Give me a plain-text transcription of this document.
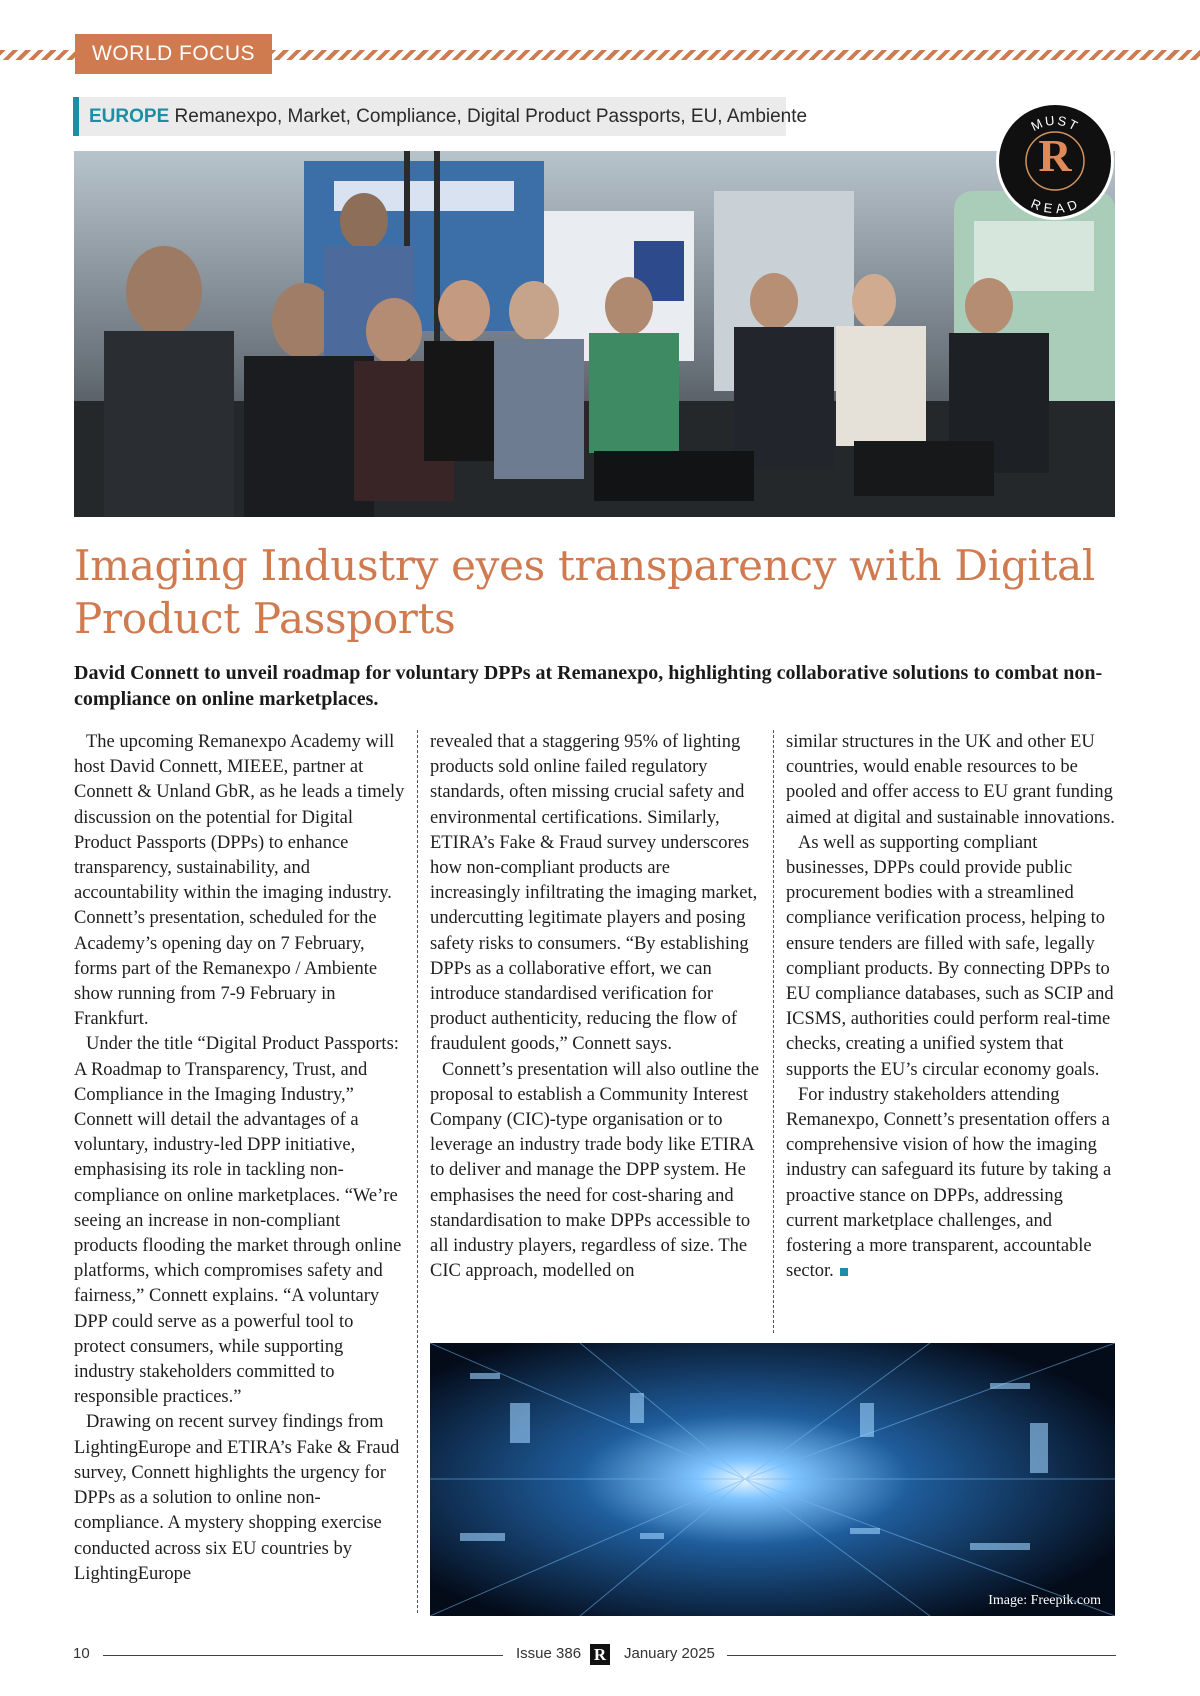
WORLD FOCUS
EUROPE Remanexpo, Market, Compliance, Digital Product Passports, EU, Ambiente	MUST
READ
R
Imaging Industry eyes transparency with Digital Product Passports

David Connett to unveil roadmap for voluntary DPPs at Remanexpo, highlighting collaborative solutions to combat non-compliance on online marketplaces.

The upcoming Remanexpo Academy will host David Connett, MIEEE, partner at Connett & Unland GbR, as he leads a timely discussion on the potential for Digital Product Passports (DPPs) to enhance transparency, sustainability, and accountability within the imaging industry. Connett’s presentation, scheduled for the Academy’s opening day on 7 February, forms part of the Remanexpo / Ambiente show running from 7-9 February in Frankfurt.

Under the title “Digital Product Passports: A Roadmap to Transparency, Trust, and Compliance in the Imaging Industry,” Connett will detail the advantages of a voluntary, industry-led DPP initiative, emphasising its role in tackling non-compliance on online marketplaces. “We’re seeing an increase in non-compliant products flooding the market through online platforms, which compromises safety and fairness,” Connett explains. “A voluntary DPP could serve as a powerful tool to protect consumers, while supporting industry stakeholders committed to responsible practices.”

Drawing on recent survey findings from LightingEurope and ETIRA’s Fake & Fraud survey, Connett highlights the urgency for DPPs as a solution to online non-compliance. A mystery shopping exercise conducted across six EU countries by LightingEurope

revealed that a staggering 95% of lighting products sold online failed regulatory standards, often missing crucial safety and environmental certifications. Similarly, ETIRA’s Fake & Fraud survey underscores how non-compliant products are increasingly infiltrating the imaging market, undercutting legitimate players and posing safety risks to consumers. “By establishing DPPs as a collaborative effort, we can introduce standardised verification for product authenticity, reducing the flow of fraudulent goods,” Connett says.

Connett’s presentation will also outline the proposal to establish a Community Interest Company (CIC)-type organisation or to leverage an industry trade body like ETIRA to deliver and manage the DPP system. He emphasises the need for cost-sharing and standardisation to make DPPs accessible to all industry players, regardless of size. The CIC approach, modelled on

similar structures in the UK and other EU countries, would enable resources to be pooled and offer access to EU grant funding aimed at digital and sustainable innovations.

As well as supporting compliant businesses, DPPs could provide public procurement bodies with a streamlined compliance verification process, helping to ensure tenders are filled with safe, legally compliant products. By connecting DPPs to EU compliance databases, such as SCIP and ICSMS, authorities could perform real-time checks, creating a unified system that supports the EU’s circular economy goals.

For industry stakeholders attending Remanexpo, Connett’s presentation offers a comprehensive vision of how the imaging industry can safeguard its future by taking a proactive stance on DPPs, addressing current marketplace challenges, and fostering a more transparent, accountable sector.

Image: Freepik.com
10	Issue 386 R January 2025
